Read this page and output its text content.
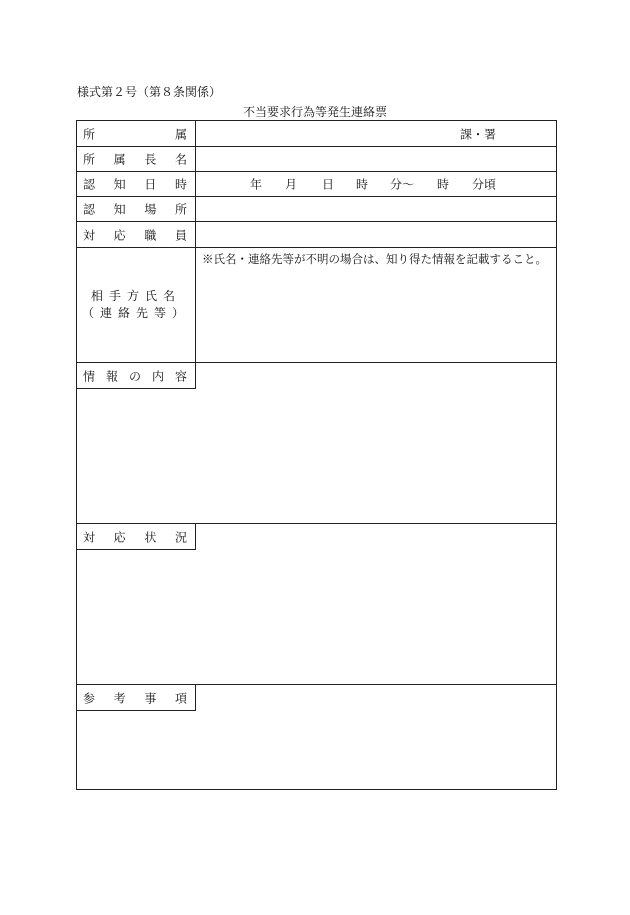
様式第２号（第８条関係）
不当要求行為等発生連絡票
所	属	課・署
所 属 長 名
認 知 日 時	年 月 日 時 分～ 時 分頃
認 知 場 所
対 応 職 員
相手方氏名
（連絡先等）
※氏名・連絡先等が不明の場合は、知り得た情報を記載すること。
情 報 の 内 容
対 応 状 況
参 考 事 項
